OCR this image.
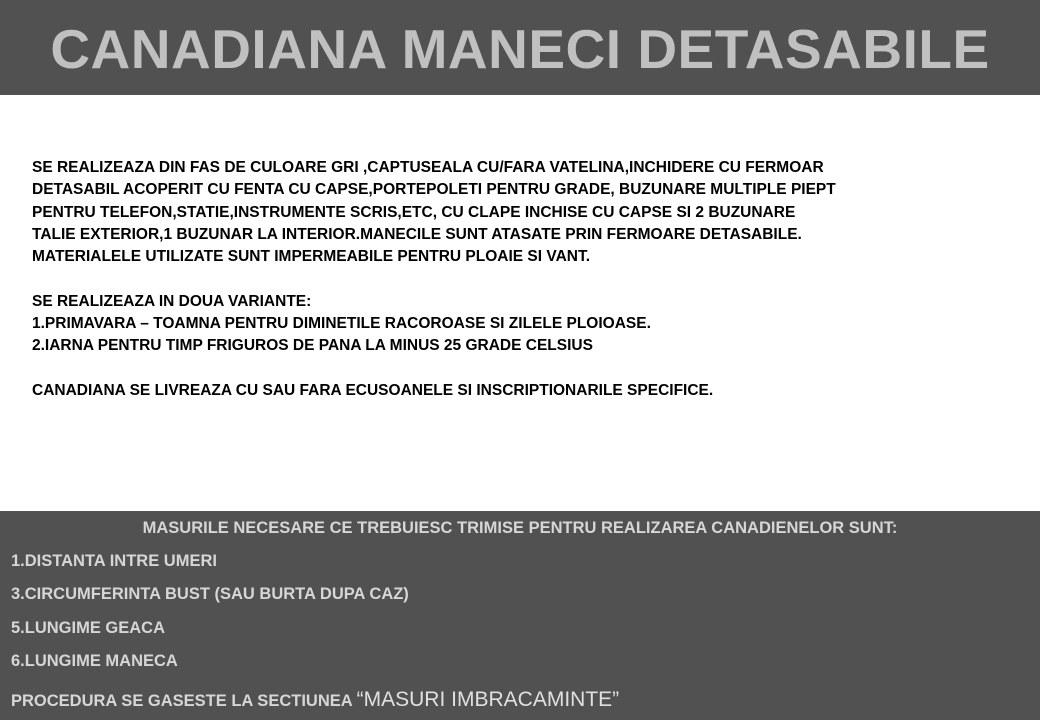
CANADIANA MANECI DETASABILE
SE REALIZEAZA DIN FAS DE CULOARE GRI ,CAPTUSEALA CU/FARA VATELINA,INCHIDERE CU FERMOAR
DETASABIL ACOPERIT CU FENTA CU CAPSE,PORTEPOLETI PENTRU GRADE, BUZUNARE MULTIPLE PIEPT
PENTRU TELEFON,STATIE,INSTRUMENTE SCRIS,ETC, CU CLAPE INCHISE CU CAPSE SI 2 BUZUNARE
TALIE EXTERIOR,1 BUZUNAR LA INTERIOR.MANECILE SUNT ATASATE PRIN FERMOARE DETASABILE.
MATERIALELE UTILIZATE SUNT IMPERMEABILE PENTRU PLOAIE SI VANT.
SE REALIZEAZA IN DOUA VARIANTE:
1.PRIMAVARA – TOAMNA PENTRU DIMINETILE RACOROASE SI ZILELE PLOIOASE.
2.IARNA PENTRU TIMP FRIGUROS DE PANA LA MINUS 25 GRADE CELSIUS
CANADIANA SE LIVREAZA CU SAU FARA ECUSOANELE SI INSCRIPTIONARILE SPECIFICE.
MASURILE NECESARE CE TREBUIESC TRIMISE PENTRU REALIZAREA CANADIENELOR SUNT:
1.DISTANTA INTRE UMERI
3.CIRCUMFERINTA BUST (SAU BURTA DUPA CAZ)
5.LUNGIME GEACA
6.LUNGIME MANECA
PROCEDURA SE GASESTE LA SECTIUNEA “MASURI IMBRACAMINTE”
